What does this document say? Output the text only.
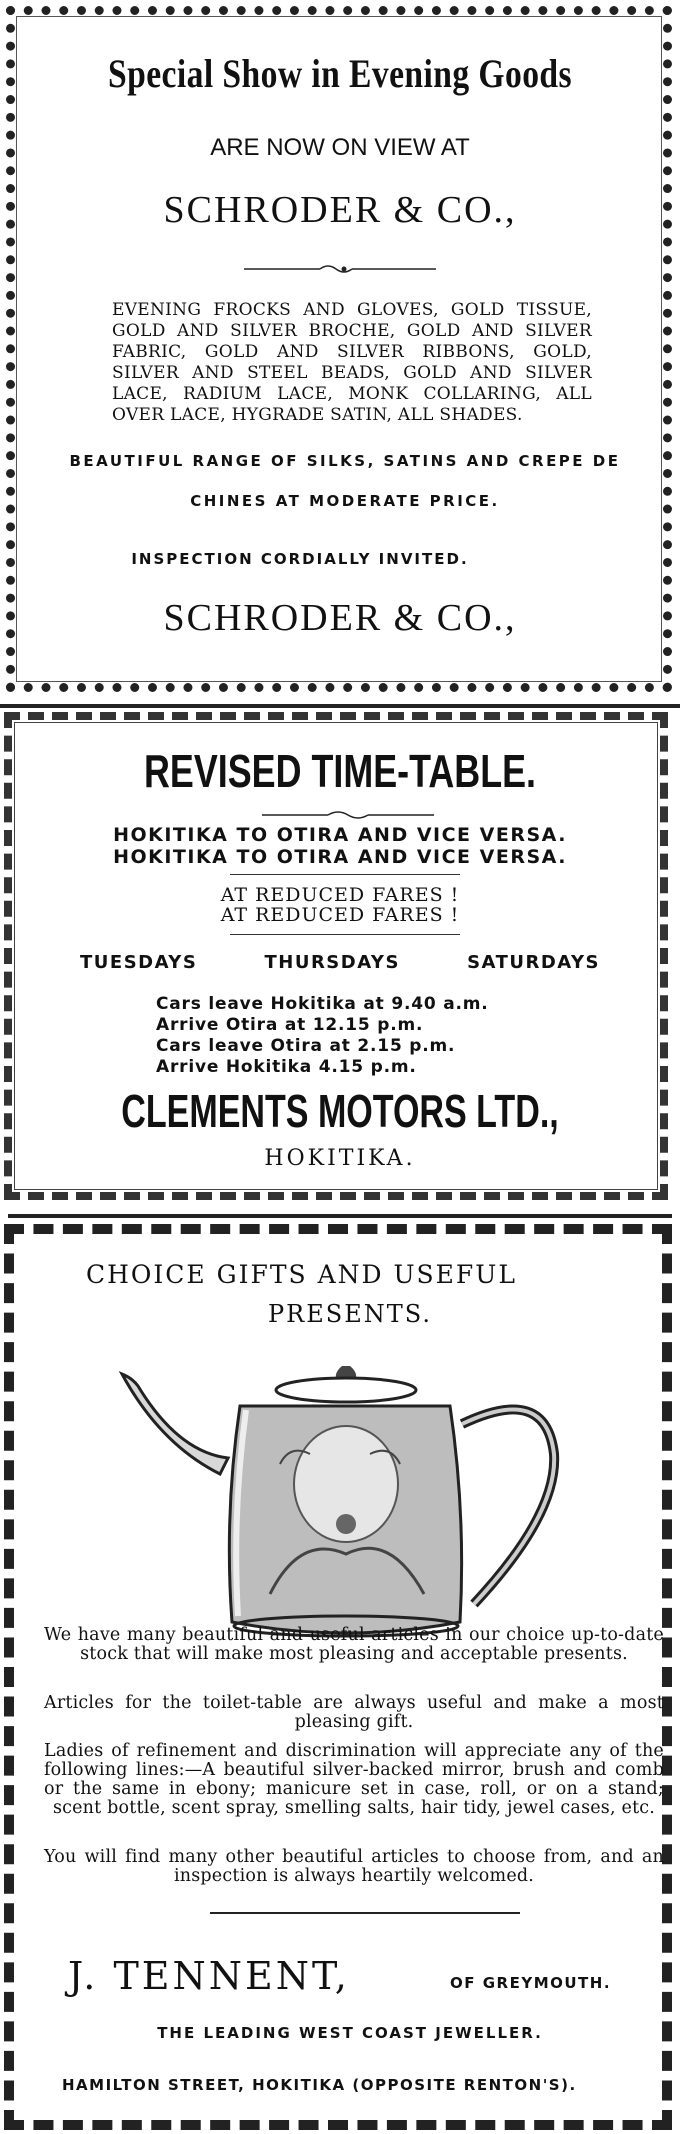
Special Show in Evening Goods
ARE NOW ON VIEW AT
SCHRODER & CO.,
EVENING FROCKS AND GLOVES, GOLD TISSUE, GOLD AND SILVER BROCHE, GOLD AND SILVER FABRIC, GOLD AND SILVER RIBBONS, GOLD, SILVER AND STEEL BEADS, GOLD AND SILVER LACE, RADIUM LACE, MONK COLLARING, ALL OVER LACE, HYGRADE SATIN, ALL SHADES.
BEAUTIFUL RANGE OF SILKS, SATINS AND CREPE DE
CHINES AT MODERATE PRICE.
INSPECTION CORDIALLY INVITED.
SCHRODER & CO.,
REVISED TIME-TABLE.
HOKITIKA TO OTIRA AND VICE VERSA.
HOKITIKA TO OTIRA AND VICE VERSA.
AT REDUCED FARES !
AT REDUCED FARES !
TUESDAYS	THURSDAYS	SATURDAYS
Cars leave Hokitika at 9.40 a.m.
Arrive Otira at 12.15 p.m.
Cars leave Otira at 2.15 p.m.
Arrive Hokitika 4.15 p.m.
CLEMENTS MOTORS LTD.,
HOKITIKA.
CHOICE GIFTS AND USEFUL
PRESENTS.
We have many beautiful and useful articles in our choice up-to-date stock that will make most pleasing and acceptable presents.
Articles for the toilet-table are always useful and make a most pleasing gift.
Ladies of refinement and discrimination will appreciate any of the following lines:—A beautiful silver-backed mirror, brush and comb or the same in ebony; manicure set in case, roll, or on a stand; scent bottle, scent spray, smelling salts, hair tidy, jewel cases, etc.
You will find many other beautiful articles to choose from, and an inspection is always heartily welcomed.
J. TENNENT,	OF GREYMOUTH.
THE LEADING WEST COAST JEWELLER.
HAMILTON STREET, HOKITIKA (OPPOSITE RENTON'S).
